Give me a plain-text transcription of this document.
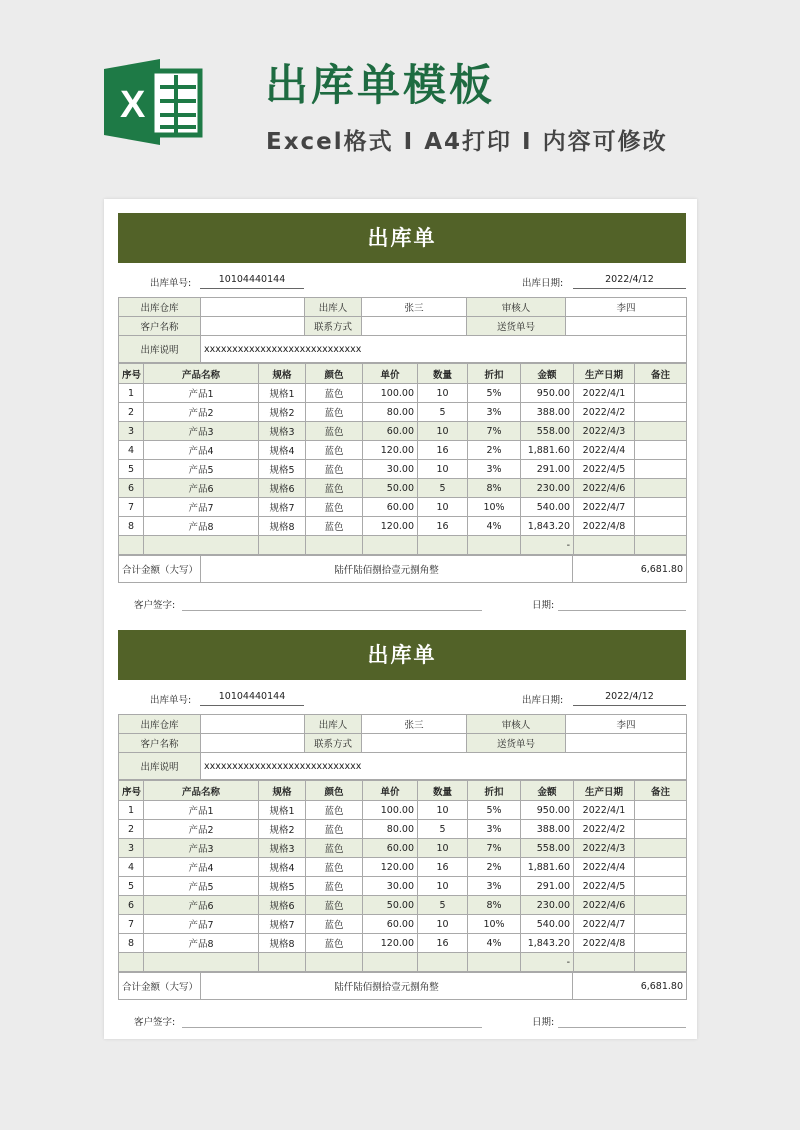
X	出库单模板
Excel格式 Ⅰ A4打印 Ⅰ 内容可修改
出库单
出库单号:	10104440144	出库日期:	2022/4/12
出库仓库		出库人	张三	审核人	李四
客户名称		联系方式		送货单号	
出库说明	xxxxxxxxxxxxxxxxxxxxxxxxxxxx				
序号	产品名称	规格	颜色	单价	数量	折扣	金额	生产日期	备注
1	产品1	规格1	蓝色	100.00	10	5%	950.00	2022/4/1	
2	产品2	规格2	蓝色	80.00	5	3%	388.00	2022/4/2	
3	产品3	规格3	蓝色	60.00	10	7%	558.00	2022/4/3	
4	产品4	规格4	蓝色	120.00	16	2%	1,881.60	2022/4/4	
5	产品5	规格5	蓝色	30.00	10	3%	291.00	2022/4/5	
6	产品6	规格6	蓝色	50.00	5	8%	230.00	2022/4/6	
7	产品7	规格7	蓝色	60.00	10	10%	540.00	2022/4/7	
8	产品8	规格8	蓝色	120.00	16	4%	1,843.20	2022/4/8	
							-		
合计金额（大写）	陆仟陆佰捌拾壹元捌角整	6,681.80
客户签字:	日期:
出库单
出库单号:	10104440144	出库日期:	2022/4/12
出库仓库		出库人	张三	审核人	李四
客户名称		联系方式		送货单号	
出库说明	xxxxxxxxxxxxxxxxxxxxxxxxxxxx				
序号	产品名称	规格	颜色	单价	数量	折扣	金额	生产日期	备注
1	产品1	规格1	蓝色	100.00	10	5%	950.00	2022/4/1	
2	产品2	规格2	蓝色	80.00	5	3%	388.00	2022/4/2	
3	产品3	规格3	蓝色	60.00	10	7%	558.00	2022/4/3	
4	产品4	规格4	蓝色	120.00	16	2%	1,881.60	2022/4/4	
5	产品5	规格5	蓝色	30.00	10	3%	291.00	2022/4/5	
6	产品6	规格6	蓝色	50.00	5	8%	230.00	2022/4/6	
7	产品7	规格7	蓝色	60.00	10	10%	540.00	2022/4/7	
8	产品8	规格8	蓝色	120.00	16	4%	1,843.20	2022/4/8	
							-		
合计金额（大写）	陆仟陆佰捌拾壹元捌角整	6,681.80
客户签字:	日期:
